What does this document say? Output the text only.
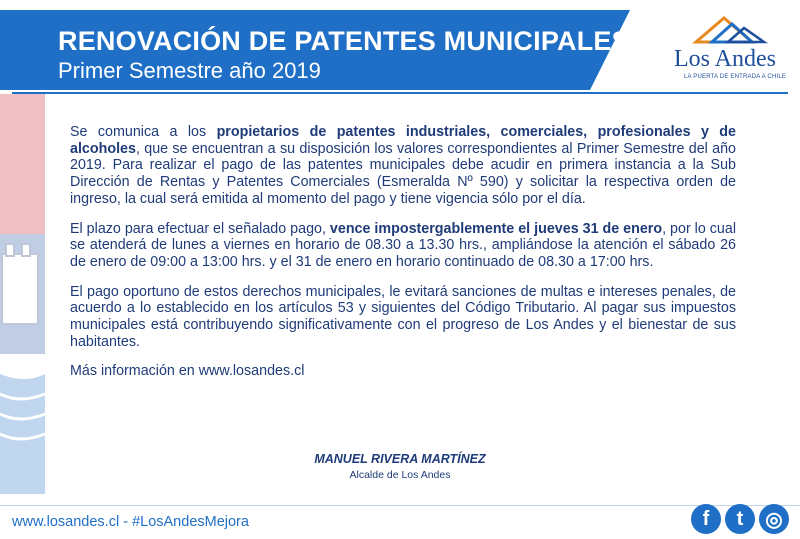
RENOVACIÓN DE PATENTES MUNICIPALES
Primer Semestre año 2019	Los Andes
LA PUERTA DE ENTRADA A CHILE

Se comunica a los propietarios de patentes industriales, comerciales, profesionales y de alcoholes, que se encuentran a su disposición los valores correspondientes al Primer Semestre del año 2019. Para realizar el pago de las patentes municipales debe acudir en primera instancia a la Sub Dirección de Rentas y Patentes Comerciales (Esmeralda Nº 590) y solicitar la respectiva orden de ingreso, la cual será emitida al momento del pago y tiene vigencia sólo por el día.

El plazo para efectuar el señalado pago, vence impostergablemente el jueves 31 de enero, por lo cual se atenderá de lunes a viernes en horario de 08.30 a 13.30 hrs., ampliándose la atención el sábado 26 de enero de 09:00 a 13:00 hrs. y el 31 de enero en horario continuado de 08.30 a 17:00 hrs.

El pago oportuno de estos derechos municipales, le evitará sanciones de multas e intereses penales, de acuerdo a lo establecido en los artículos 53 y siguientes del Código Tributario. Al pagar sus impuestos municipales está contribuyendo significativamente con el progreso de Los Andes y el bienestar de sus habitantes.

Más información en www.losandes.cl

MANUEL RIVERA MARTÍNEZ
Alcalde de Los Andes
www.losandes.cl - #LosAndesMejora	f	t	◎
